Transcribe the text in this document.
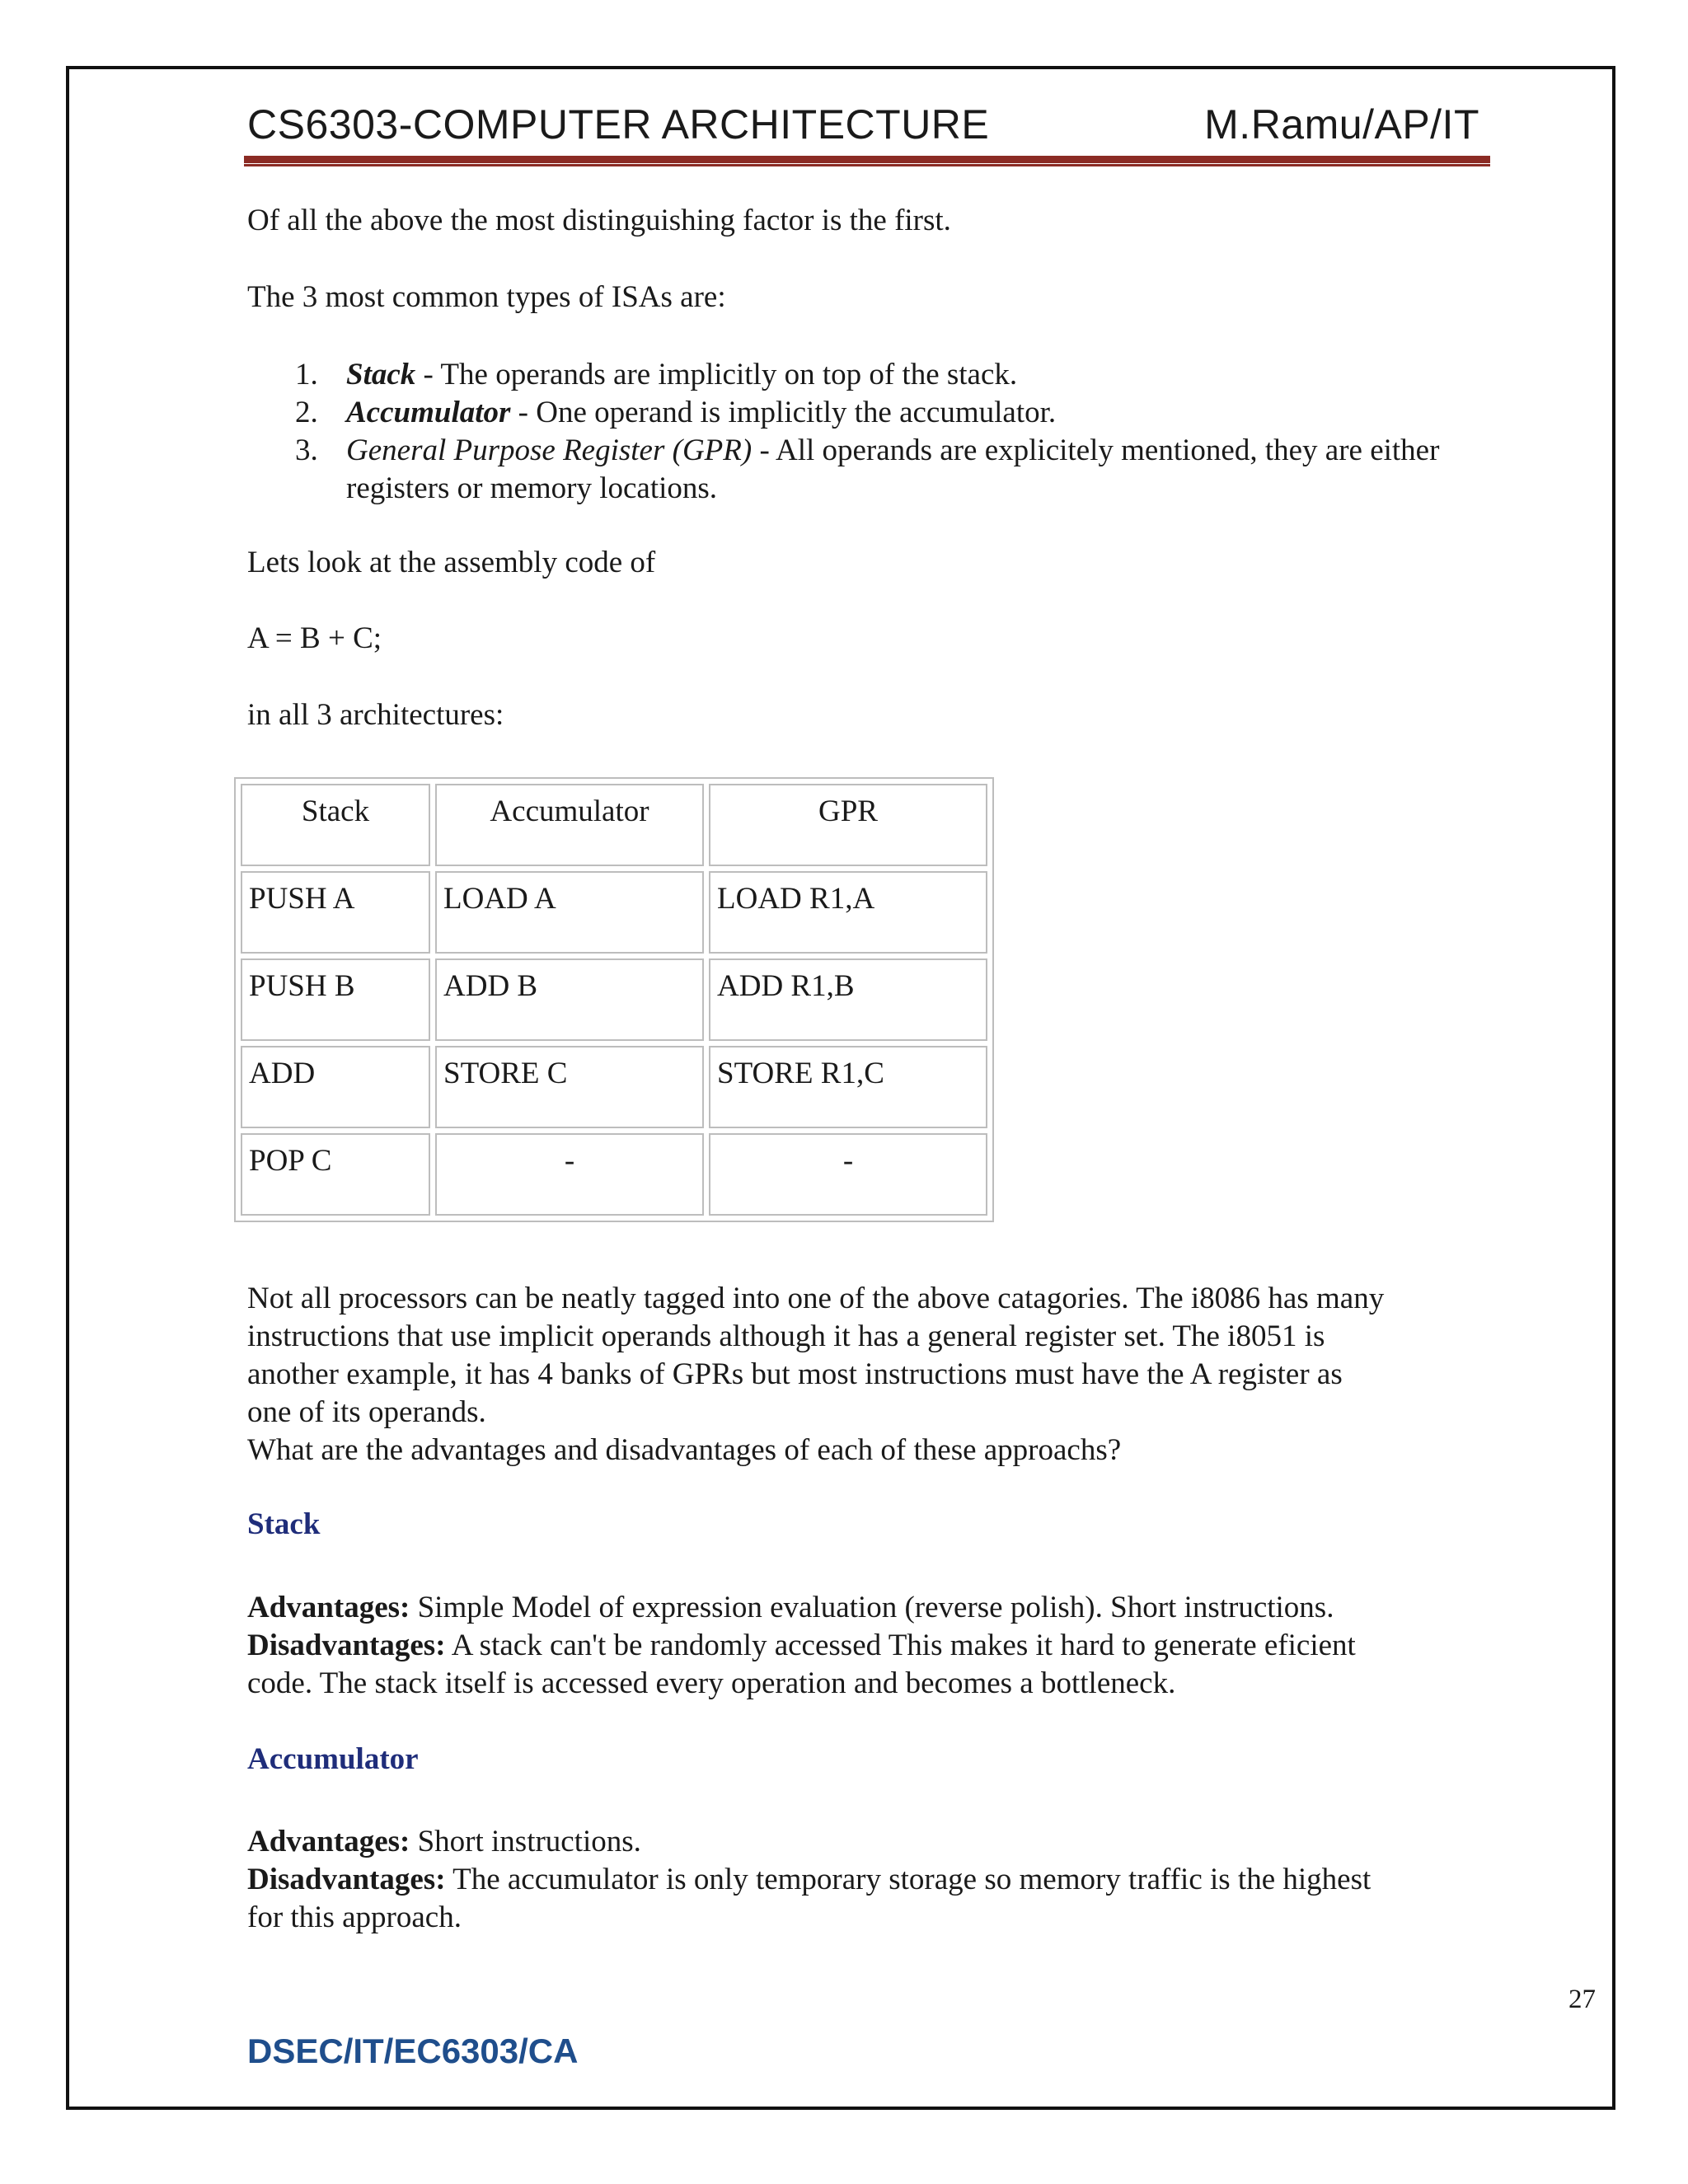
CS6303-COMPUTER ARCHITECTURE	M.Ramu/AP/IT
Of all the above the most distinguishing factor is the first.
The 3 most common types of ISAs are:
1. Stack - The operands are implicitly on top of the stack.
2. Accumulator - One operand is implicitly the accumulator.
3. General Purpose Register (GPR) - All operands are explicitely mentioned, they are either registers or memory locations.
Lets look at the assembly code of
A = B + C;
in all 3 architectures:
Stack	Accumulator	GPR
PUSH A	LOAD A	LOAD R1,A
PUSH B	ADD B	ADD R1,B
ADD	STORE C	STORE R1,C
POP C	-	-
Not all processors can be neatly tagged into one of the above catagories. The i8086 has many
instructions that use implicit operands although it has a general register set. The i8051 is
another example, it has 4 banks of GPRs but most instructions must have the A register as
one of its operands.
What are the advantages and disadvantages of each of these approachs?
Stack
Advantages: Simple Model of expression evaluation (reverse polish). Short instructions.
Disadvantages: A stack can't be randomly accessed This makes it hard to generate eficient
code. The stack itself is accessed every operation and becomes a bottleneck.
Accumulator
Advantages: Short instructions.
Disadvantages: The accumulator is only temporary storage so memory traffic is the highest
for this approach.
27
DSEC/IT/EC6303/CA
